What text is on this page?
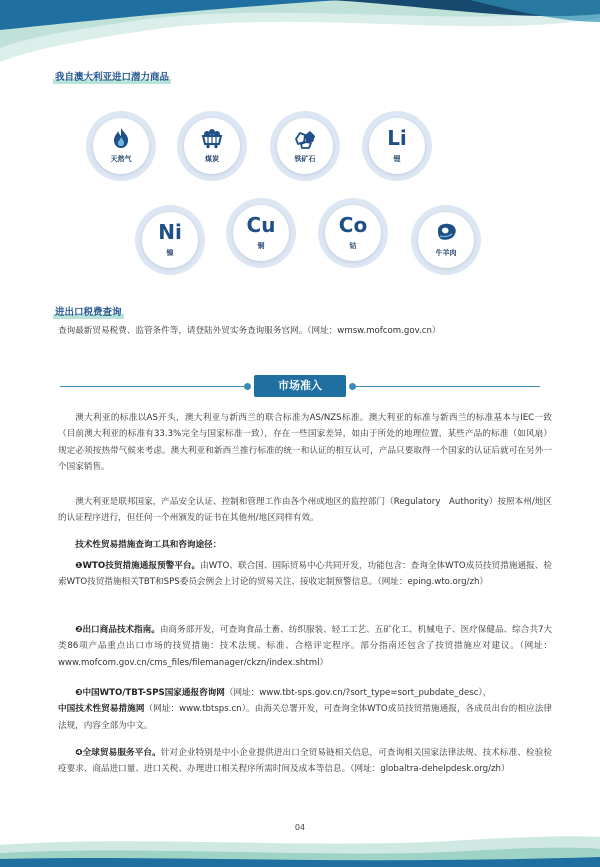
我自澳大利亚进口潜力商品
天然气	煤炭	铁矿石
Li
锂
Ni
镍
Cu
铜
Co
钴
牛羊肉
进出口税费查询
查询最新贸易税费、监管条件等，请登陆外贸实务查询服务官网。（网址：wmsw.mofcom.gov.cn）
市场准入
澳大利亚的标准以AS开头，澳大利亚与新西兰的联合标准为AS/NZS标准。澳大利亚的标准与新西兰的标准基本与IEC一致（目前澳大利亚的标准有33.3%完全与国家标准一致），存在一些国家差异，如由于所处的地理位置，某些产品的标准（如风扇）规定必须按热带气候来考虑。澳大利亚和新西兰推行标准的统一和认证的相互认可，产品只要取得一个国家的认证后就可在另外一个国家销售。
澳大利亚是联邦国家，产品安全认证、控制和管理工作由各个州或地区的监控部门（Regulatory　Authority）按照本州/地区的认证程序进行，但任何一个州颁发的证书在其他州/地区同样有效。
技术性贸易措施查询工具和咨询途径：
❶WTO技贸措施通报预警平台。由WTO、联合国、国际贸易中心共同开发，功能包含：查询全体WTO成员技贸措施通报、检索WTO技贸措施相关TBT和SPS委员会例会上讨论的贸易关注、接收定制预警信息。（网址：eping.wto.org/zh）
❷出口商品技术指南。由商务部开发，可查询食品土畜、纺织服装、轻工工艺、五矿化工、机械电子、医疗保健品、综合共7大类86项产品重点出口市场的技贸措施：技术法规、标准、合格评定程序。部分指南还包含了技贸措施应对建议。（网址：www.mofcom.gov.cn/cms_files/filemanager/ckzn/index.shtml）
❸中国WTO/TBT-SPS国家通报咨询网（网址：www.tbt-sps.gov.cn/?sort_type=sort_pubdate_desc），
中国技术性贸易措施网（网址：www.tbtsps.cn）。由海关总署开发，可查询全体WTO成员技贸措施通报，各成员出台的相应法律法规，内容全部为中文。
❹全球贸易服务平台。针对企业特别是中小企业提供进出口全贸易链相关信息，可查询相关国家法律法规、技术标准、检验检疫要求、商品进口量、进口关税、办理进口相关程序所需时间及成本等信息。（网址：globaltra-dehelpdesk.org/zh）
04
